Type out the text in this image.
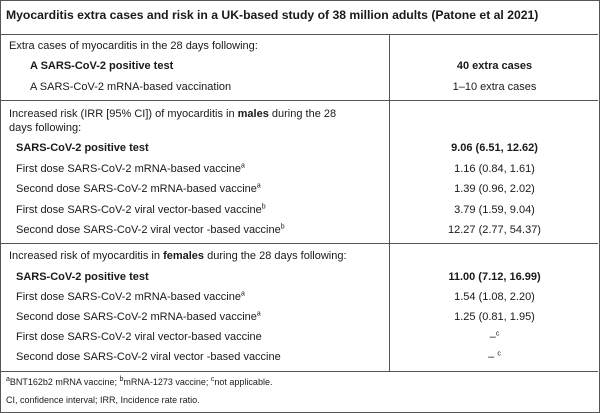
Myocarditis extra cases and risk in a UK-based study of 38 million adults (Patone et al 2021)
Extra cases of myocarditis in the 28 days following:
A SARS-CoV-2 positive test	40 extra cases
A SARS-CoV-2 mRNA-based vaccination	1–10 extra cases
Increased risk (IRR [95% CI]) of myocarditis in males during the 28
days following:
SARS-CoV-2 positive test	9.06 (6.51, 12.62)
First dose SARS-CoV-2 mRNA-based vaccine$^a$	1.16 (0.84, 1.61)
Second dose SARS-CoV-2 mRNA-based vaccine$^a$	1.39 (0.96, 2.02)
First dose SARS-CoV-2 viral vector-based vaccine$^b$	3.79 (1.59, 9.04)
Second dose SARS-CoV-2 viral vector -based vaccine$^b$	12.27 (2.77, 54.37)
Increased risk of myocarditis in females during the 28 days following:
SARS-CoV-2 positive test	11.00 (7.12, 16.99)
First dose SARS-CoV-2 mRNA-based vaccine$^a$	1.54 (1.08, 2.20)
Second dose SARS-CoV-2 mRNA-based vaccine$^a$	1.25 (0.81, 1.95)
First dose SARS-CoV-2 viral vector-based vaccine	–$^c$
Second dose SARS-CoV-2 viral vector -based vaccine	– $^c$
$^a$BNT162b2 mRNA vaccine; $^b$mRNA-1273 vaccine; $^c$not applicable.
CI, confidence interval; IRR, Incidence rate ratio.
